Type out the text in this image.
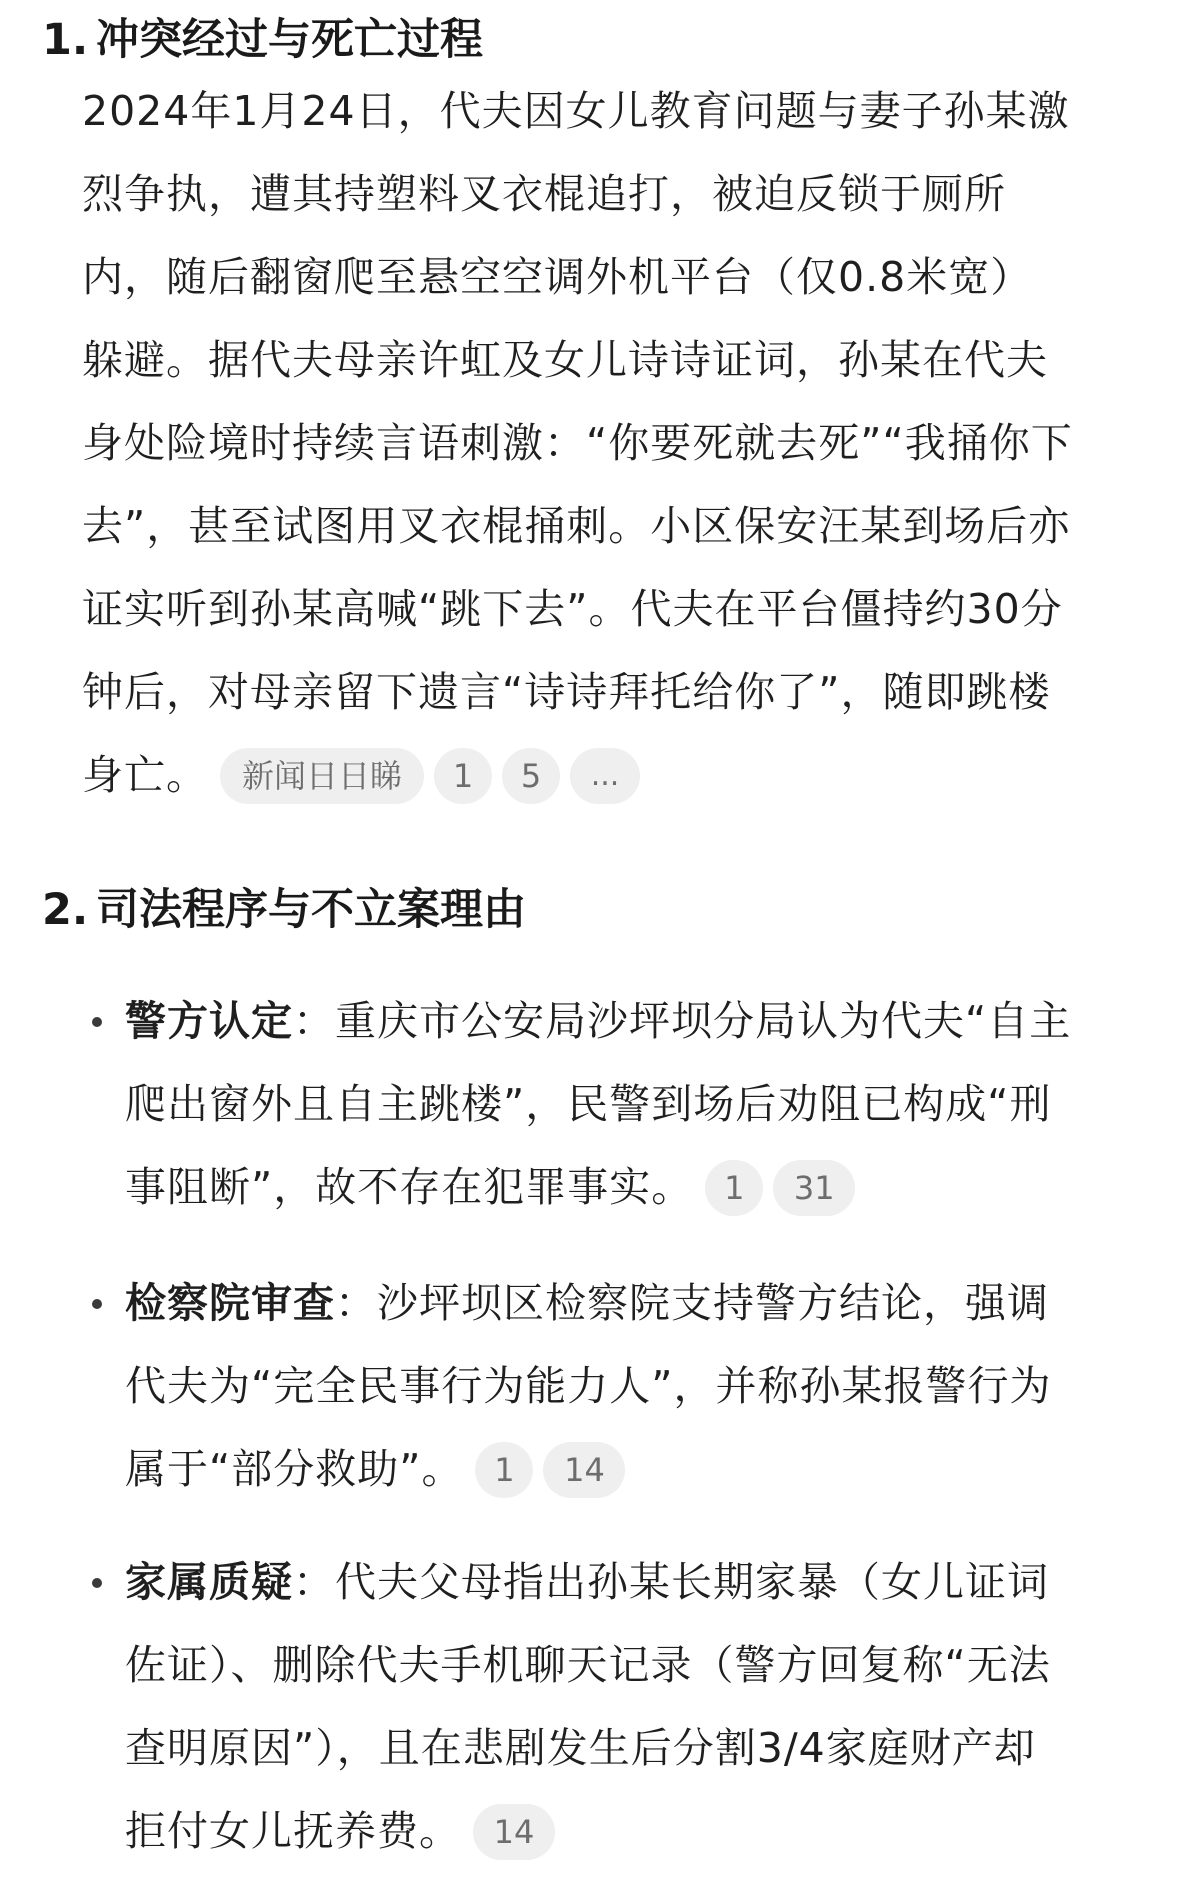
1. 冲突经过与死亡过程
2024年1月24日，代夫因女儿教育问题与妻子孙某激
烈争执，遭其持塑料叉衣棍追打，被迫反锁于厕所
内，随后翻窗爬至悬空空调外机平台（仅0.8米宽）
躲避。据代夫母亲许虹及女儿诗诗证词，孙某在代夫
身处险境时持续言语刺激：“你要死就去死”“我捅你下
去”，甚至试图用叉衣棍捅刺。小区保安汪某到场后亦
证实听到孙某高喊“跳下去”。代夫在平台僵持约30分
钟后，对母亲留下遗言“诗诗拜托给你了”，随即跳楼
身亡。	新闻日日睇	1	5	...
2. 司法程序与不立案理由
警方认定：重庆市公安局沙坪坝分局认为代夫“自主
爬出窗外且自主跳楼”，民警到场后劝阻已构成“刑
事阻断”，故不存在犯罪事实。 1	31
检察院审查：沙坪坝区检察院支持警方结论，强调
代夫为“完全民事行为能力人”，并称孙某报警行为
属于“部分救助”。 1	14
家属质疑：代夫父母指出孙某长期家暴（女儿证词
佐证）、删除代夫手机聊天记录（警方回复称“无法
查明原因”），且在悲剧发生后分割3/4家庭财产却
拒付女儿抚养费。	14
